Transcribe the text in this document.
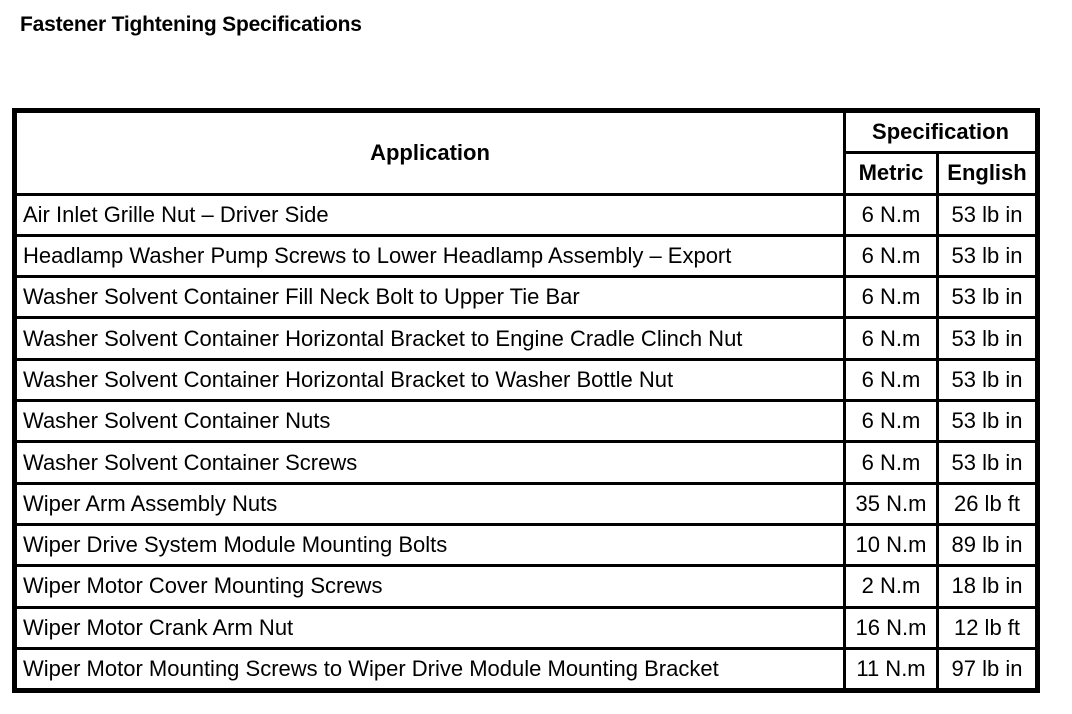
Fastener Tightening Specifications
Application	Specification	
	Metric	English
Air Inlet Grille Nut – Driver Side	6 N.m	53 lb in
Headlamp Washer Pump Screws to Lower Headlamp Assembly – Export	6 N.m	53 lb in
Washer Solvent Container Fill Neck Bolt to Upper Tie Bar	6 N.m	53 lb in
Washer Solvent Container Horizontal Bracket to Engine Cradle Clinch Nut	6 N.m	53 lb in
Washer Solvent Container Horizontal Bracket to Washer Bottle Nut	6 N.m	53 lb in
Washer Solvent Container Nuts	6 N.m	53 lb in
Washer Solvent Container Screws	6 N.m	53 lb in
Wiper Arm Assembly Nuts	35 N.m	26 lb ft
Wiper Drive System Module Mounting Bolts	10 N.m	89 lb in
Wiper Motor Cover Mounting Screws	2 N.m	18 lb in
Wiper Motor Crank Arm Nut	16 N.m	12 lb ft
Wiper Motor Mounting Screws to Wiper Drive Module Mounting Bracket	11 N.m	97 lb in
